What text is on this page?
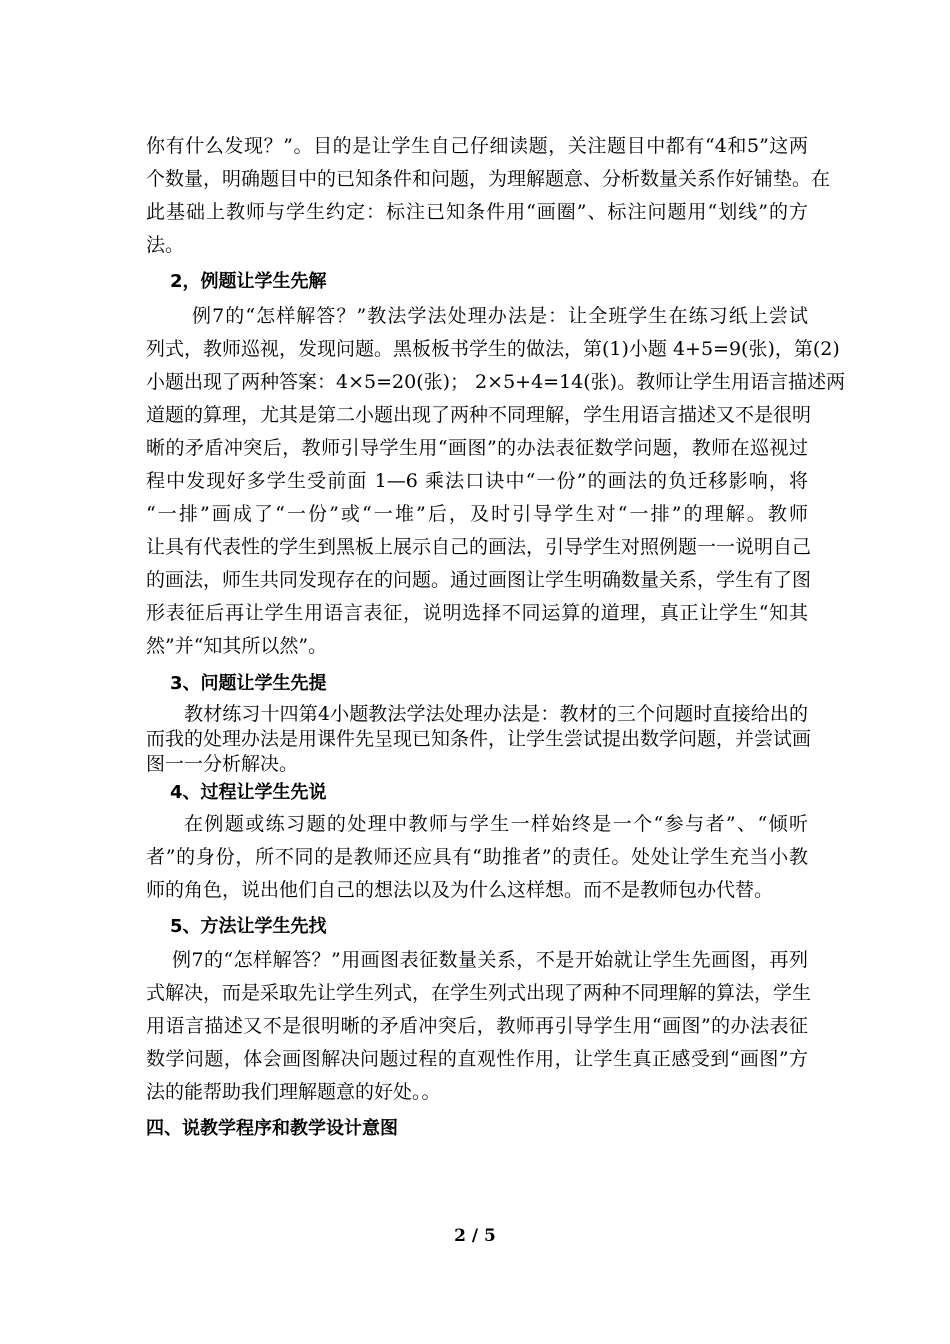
你有什么发现？”。目的是让学生自己仔细读题，关注题目中都有“4和5”这两
个数量，明确题目中的已知条件和问题，为理解题意、分析数量关系作好铺垫。在
此基础上教师与学生约定：标注已知条件用“画圈”、标注问题用“划线”的方
法。
2，例题让学生先解
例7的“怎样解答？”教法学法处理办法是：让全班学生在练习纸上尝试
列式，教师巡视，发现问题。黑板板书学生的做法，第(1)小题 4+5=9(张)，第(2)
小题出现了两种答案：4×5=20(张)； 2×5+4=14(张)。教师让学生用语言描述两
道题的算理，尤其是第二小题出现了两种不同理解，学生用语言描述又不是很明
晰的矛盾冲突后，教师引导学生用“画图”的办法表征数学问题，教师在巡视过
程中发现好多学生受前面 1—6 乘法口诀中“一份”的画法的负迁移影响，将
“一排”画成了“一份”或“一堆”后，及时引导学生对“一排”的理解。教师
让具有代表性的学生到黑板上展示自己的画法，引导学生对照例题一一说明自己
的画法，师生共同发现存在的问题。通过画图让学生明确数量关系，学生有了图
形表征后再让学生用语言表征，说明选择不同运算的道理，真正让学生“知其
然”并“知其所以然”。
3、问题让学生先提
教材练习十四第4小题教法学法处理办法是：教材的三个问题时直接给出的
而我的处理办法是用课件先呈现已知条件，让学生尝试提出数学问题，并尝试画
图一一分析解决。
4、过程让学生先说
在例题或练习题的处理中教师与学生一样始终是一个“参与者”、“倾听
者”的身份，所不同的是教师还应具有“助推者”的责任。处处让学生充当小教
师的角色，说出他们自己的想法以及为什么这样想。而不是教师包办代替。
5、方法让学生先找
例7的“怎样解答？”用画图表征数量关系，不是开始就让学生先画图，再列
式解决，而是采取先让学生列式，在学生列式出现了两种不同理解的算法，学生
用语言描述又不是很明晰的矛盾冲突后，教师再引导学生用“画图”的办法表征
数学问题，体会画图解决问题过程的直观性作用，让学生真正感受到“画图”方
法的能帮助我们理解题意的好处。。
四、说教学程序和教学设计意图
2 / 5
